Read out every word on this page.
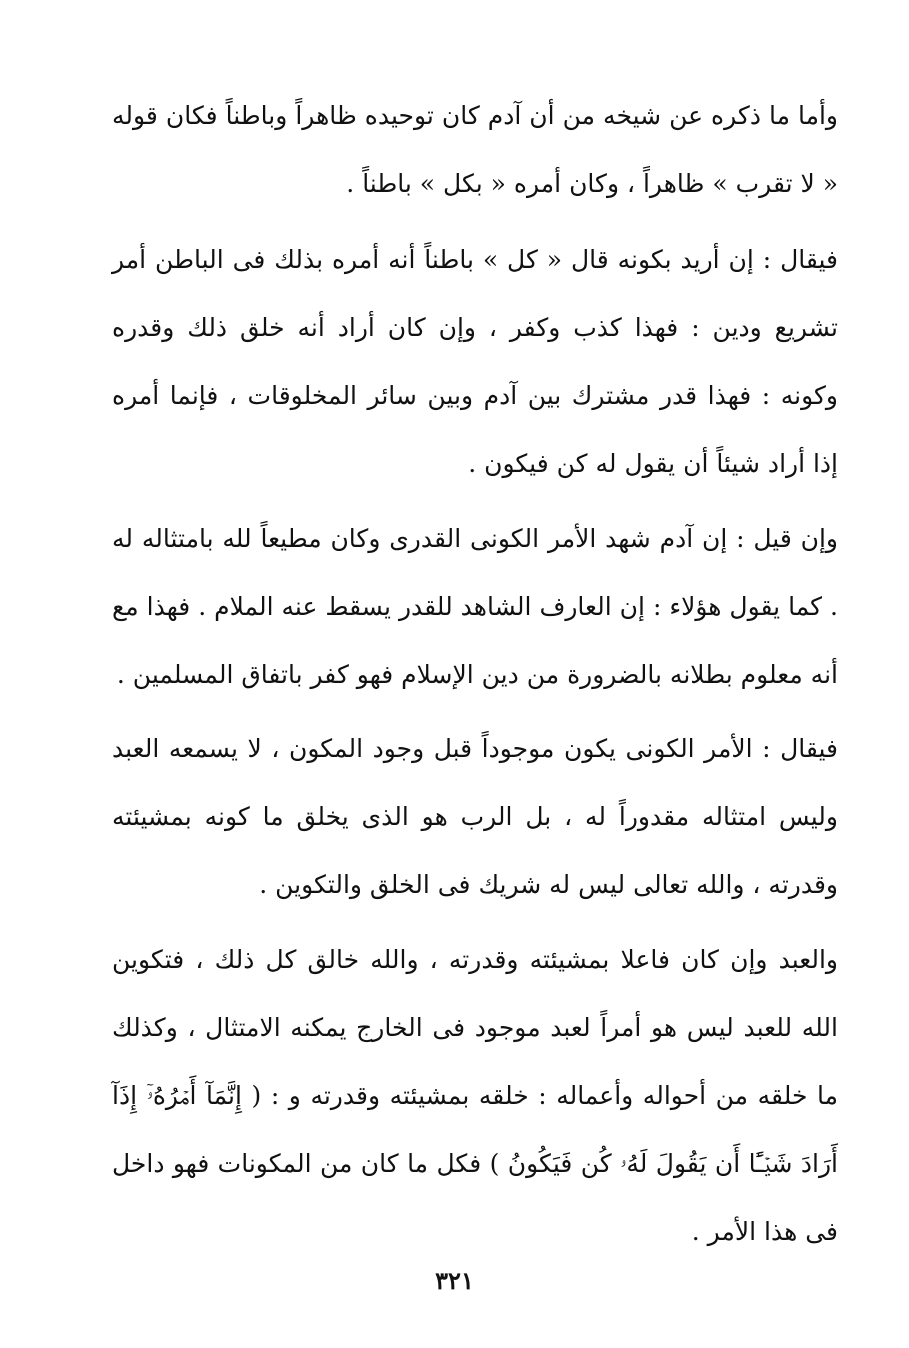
وأما ما ذكره عن شيخه من أن آدم كان توحيده ظاهراً وباطناً فكان قوله « لا تقرب » ظاهراً ، وكان أمره « بكل » باطناً .

فيقال : إن أريد بكونه قال « كل » باطناً أنه أمره بذلك فى الباطن أمر تشريع ودين : فهذا كذب وكفر ، وإن كان أراد أنه خلق ذلك وقدره وكونه : فهذا قدر مشترك بين آدم وبين سائر المخلوقات ، فإنما أمره إذا أراد شيئاً أن يقول له كن فيكون .

وإن قيل : إن آدم شهد الأمر الكونى القدرى وكان مطيعاً لله بامتثاله له . كما يقول هؤلاء : إن العارف الشاهد للقدر يسقط عنه الملام . فهذا مع أنه معلوم بطلانه بالضرورة من دين الإسلام فهو كفر باتفاق المسلمين .

فيقال : الأمر الكونى يكون موجوداً قبل وجود المكون ، لا يسمعه العبد وليس امتثاله مقدوراً له ، بل الرب هو الذى يخلق ما كونه بمشيئته وقدرته ، والله تعالى ليس له شريك فى الخلق والتكوين .

والعبد وإن كان فاعلا بمشيئته وقدرته ، والله خالق كل ذلك ، فتكوين الله للعبد ليس هو أمراً لعبد موجود فى الخارج يمكنه الامتثال ، وكذلك ما خلقه من أحواله وأعماله : خلقه بمشيئته وقدرته و : ( إِنَّمَآ أَمۡرُهُۥٓ إِذَآ أَرَادَ شَيۡـًٔا أَن يَقُولَ لَهُۥ كُن فَيَكُونُ ) فكل ما كان من المكونات فهو داخل فى هذا الأمر .

٣٢١
